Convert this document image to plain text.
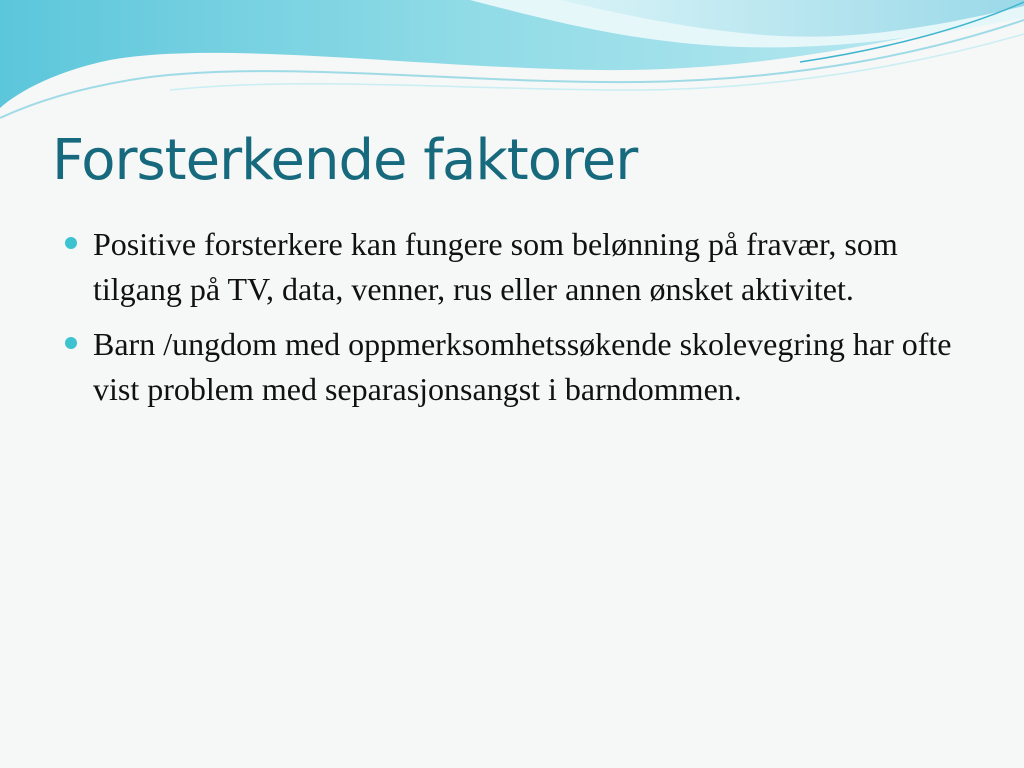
Forsterkende faktorer
Positive forsterkere kan fungere som belønning på fravær, som tilgang på TV, data, venner, rus eller annen ønsket aktivitet.
Barn /ungdom med oppmerksomhetssøkende skolevegring har ofte vist problem med separasjonsangst i barndommen.
